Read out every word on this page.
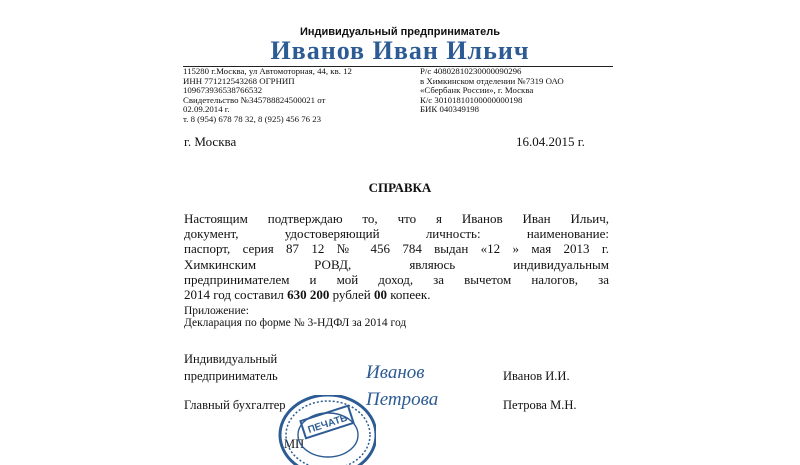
Индивидуальный предприниматель
Иванов Иван Ильич
115280 г.Москва, ул Автомоторная, 44, кв. 12
ИНН 771212543268 ОГРНИП
109673936538766532
Свидетельство №345788824500021 от
02.09.2014 г.
т. 8 (954) 678 78 32, 8 (925) 456 76 23
Р/с 40802810230000090296
в Химкинском отделении №7319 ОАО
«Сбербанк России», г. Москва
К/с 30101810100000000198
БИК 040349198
г. Москва	16.04.2015 г.
СПРАВКА
Настоящим подтверждаю то, что я Иванов Иван Ильич,
документ, удостоверяющий личность: наименование:
паспорт, серия 87 12 № 456 784 выдан «12 » мая 2013 г.
Химкинским РОВД, являюсь индивидуальным
предпринимателем и мой доход, за вычетом налогов, за
2014 год составил 630 200 рублей 00 копеек.
Приложение:
Декларация по форме № 3-НДФЛ за 2014 год
Индивидуальный
предприниматель	Иванов	Иванов И.И.
Главный бухгалтер	Петрова	Петрова М.Н.
МП
ПЕЧАТЬ
